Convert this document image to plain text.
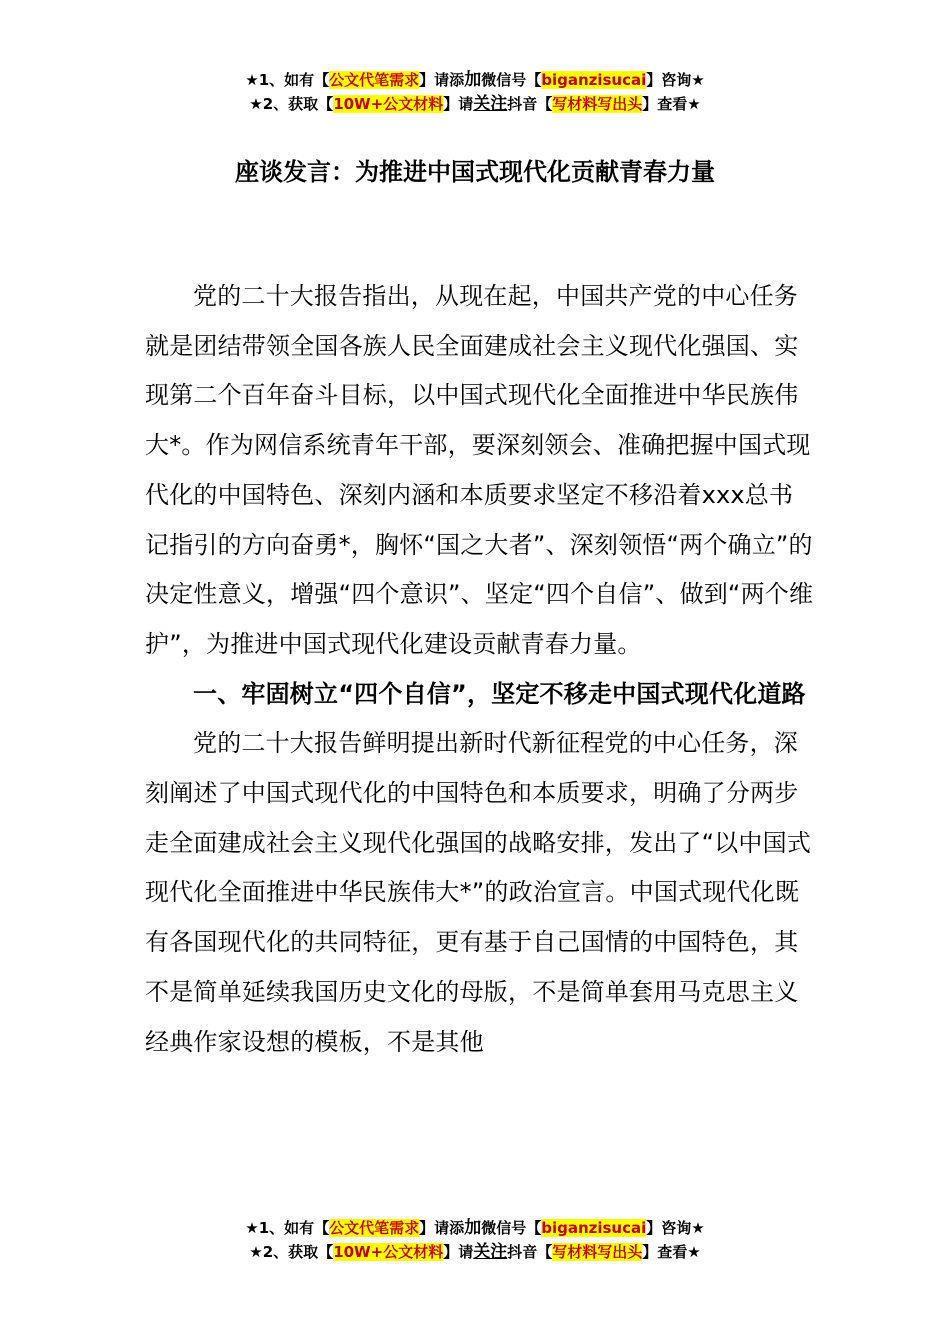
★1、如有【公文代笔需求】请添加微信号【biganzisucai】咨询★
★2、获取【10W+公文材料】请关注抖音【写材料写出头】查看★
座谈发言：为推进中国式现代化贡献青春力量

党的二十大报告指出，从现在起，中国共产党的中心任务就是团结带领全国各族人民全面建成社会主义现代化强国、实现第二个百年奋斗目标，以中国式现代化全面推进中华民族伟大*。作为网信系统青年干部，要深刻领会、准确把握中国式现代化的中国特色、深刻内涵和本质要求坚定不移沿着xxx总书记指引的方向奋勇*，胸怀“国之大者”、深刻领悟“两个确立”的决定性意义，增强“四个意识”、坚定“四个自信”、做到“两个维护”，为推进中国式现代化建设贡献青春力量。

一、牢固树立“四个自信”，坚定不移走中国式现代化道路

党的二十大报告鲜明提出新时代新征程党的中心任务，深刻阐述了中国式现代化的中国特色和本质要求，明确了分两步走全面建成社会主义现代化强国的战略安排，发出了“以中国式现代化全面推进中华民族伟大*”的政治宣言。中国式现代化既有各国现代化的共同特征，更有基于自己国情的中国特色，其不是简单延续我国历史文化的母版，不是简单套用马克思主义经典作家设想的模板，不是其他

★1、如有【公文代笔需求】请添加微信号【biganzisucai】咨询★
★2、获取【10W+公文材料】请关注抖音【写材料写出头】查看★
